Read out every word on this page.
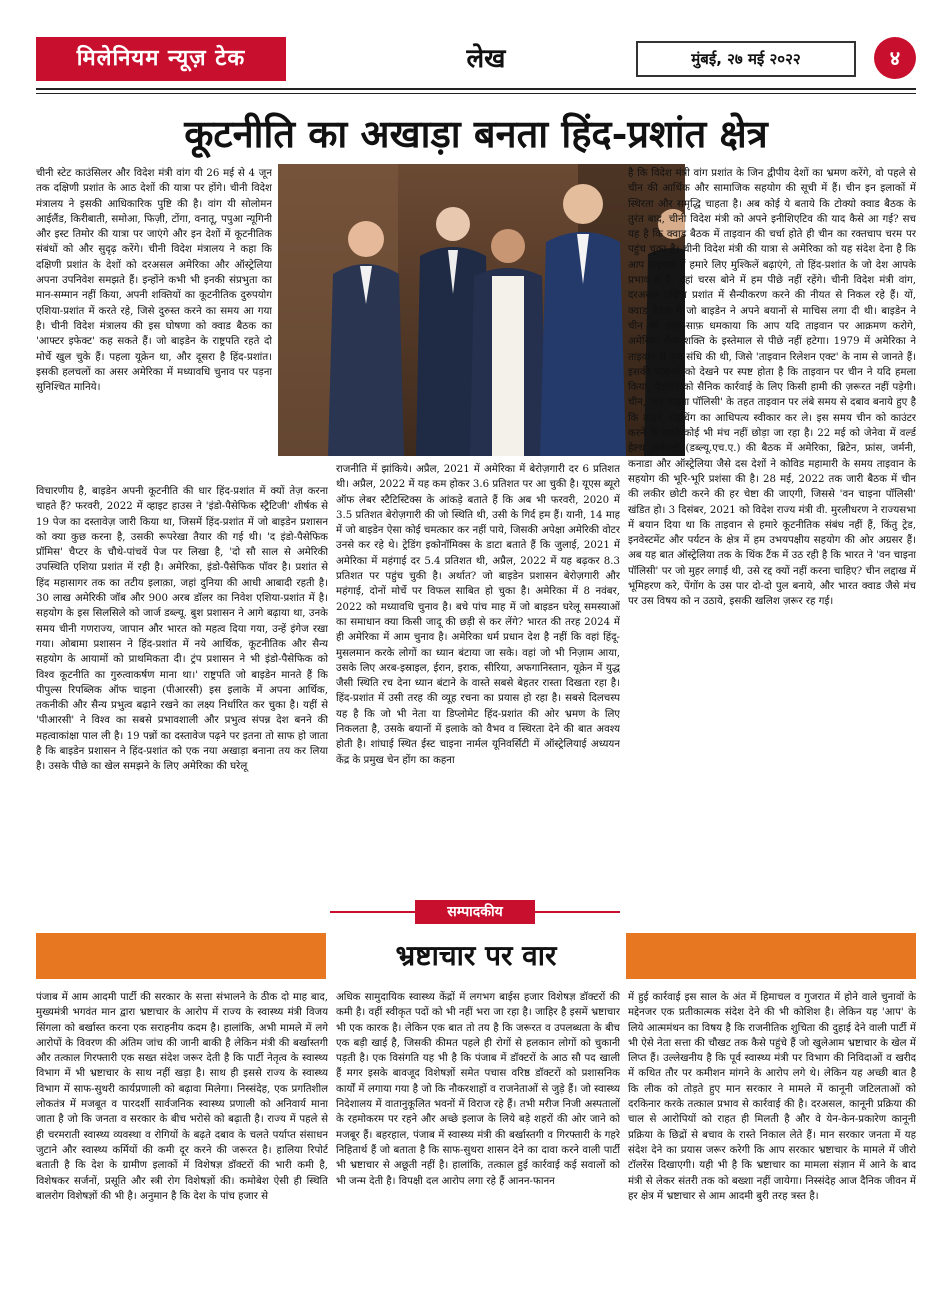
मिलेनियम न्यूज़ टेक	लेख	मुंबई, २७ मई २०२२	४
कूटनीति का अखाड़ा बनता हिंद-प्रशांत क्षेत्र
चीनी स्टेट काउंसिलर और विदेश मंत्री वांग यी 26 मई से 4 जून तक दक्षिणी प्रशांत के आठ देशों की यात्रा पर होंगे। चीनी विदेश मंत्रालय ने इसकी आधिकारिक पुष्टि की है। वांग यी सोलोमन आईलैंड, किरीबाती, समोआ, फिज़ी, टोंगा, वनातू, पपुआ न्यूगिनी और इस्ट तिमोर की यात्रा पर जाएंगे और इन देशों में कूटनीतिक संबंधों को और सुदृढ़ करेंगे। चीनी विदेश मंत्रालय ने कहा कि दक्षिणी प्रशांत के देशों को दरअसल अमेरिका और ऑस्ट्रेलिया अपना उपनिवेश समझते हैं। इन्होंने कभी भी इनकी संप्रभुता का मान-सम्मान नहीं किया, अपनी शक्तियों का कूटनीतिक दुरुपयोग एशिया-प्रशांत में करते रहे, जिसे दुरुस्त करने का समय आ गया है। चीनी विदेश मंत्रालय की इस घोषणा को क्वाड बैठक का 'आफ्टर इफेक्ट' कह सकते हैं। जो बाइडेन के राष्ट्रपति रहते दो मोर्चे खुल चुके हैं। पहला यूक्रेन था, और दूसरा है हिंद-प्रशांत। इसकी हलचलों का असर अमेरिका में मध्यावधि चुनाव पर पड़ना सुनिश्चित मानिये।
विचारणीय है, बाइडेन अपनी कूटनीति की धार हिंद-प्रशांत में क्यों तेज़ करना चाहते हैं? फरवरी, 2022 में व्हाइट हाउस ने 'इंडो-पैसेफिक स्ट्रैटिजी' शीर्षक से 19 पेज का दस्तावेज़ जारी किया था, जिसमें हिंद-प्रशांत में जो बाइडेन प्रशासन को क्या कुछ करना है, उसकी रूपरेखा तैयार की गई थी। 'द इंडो-पैसेफिक प्रॉमिस' चैप्टर के चौथे-पांचवें पेज पर लिखा है, 'दो सौ साल से अमेरिकी उपस्थिति एशिया प्रशांत में रही है। अमेरिका, इंडो-पैसेफिक पॉवर है। प्रशांत से हिंद महासागर तक का तटीय इलाक़ा, जहां दुनिया की आधी आबादी रहती है। 30 लाख अमेरिकी जॉब और 900 अरब डॉलर का निवेश एशिया-प्रशांत में है। सहयोग के इस सिलसिले को जार्ज डब्ल्यू. बुश प्रशासन ने आगे बढ़ाया था, उनके समय चीनी गणराज्य, जापान और भारत को महत्व दिया गया, उन्हें इंगेज रखा गया। ओबामा प्रशासन ने हिंद-प्रशांत में नये आर्थिक, कूटनीतिक और सैन्य सहयोग के आयामों को प्राथमिकता दी। ट्रंप प्रशासन ने भी इंडो-पैसेफिक को विश्व कूटनीति का गुरुत्वाकर्षण माना था।' राष्ट्रपति जो बाइडेन मानते हैं कि पीपुल्स रिपब्लिक ऑफ चाइना (पीआरसी) इस इलाके में अपना आर्थिक, तकनीकी और सैन्य प्रभुत्व बढ़ाने रखने का लक्ष्य निर्धारित कर चुका है। यहीं से 'पीआरसी' ने विश्व का सबसे प्रभावशाली और प्रभुत्व संपन्न देश बनने की महत्वाकांक्षा पाल ली है। 19 पन्नों का दस्तावेज पढ़ने पर इतना तो साफ हो जाता है कि बाइडेन प्रशासन ने हिंद-प्रशांत को एक नया अखाड़ा बनाना तय कर लिया है। उसके पीछे का खेल समझने के लिए अमेरिका की घरेलू
राजनीति में झांकिये। अप्रैल, 2021 में अमेरिका में बेरोज़गारी दर 6 प्रतिशत थी। अप्रैल, 2022 में यह कम होकर 3.6 प्रतिशत पर आ चुकी है। यूएस ब्यूरो ऑफ लेबर स्टैटिस्टिक्स के आंकड़े बताते हैं कि अब भी फरवरी, 2020 में 3.5 प्रतिशत बेरोज़गारी की जो स्थिति थी, उसी के गिर्द हम हैं। यानी, 14 माह में जो बाइडेन ऐसा कोई चमत्कार कर नहीं पाये, जिसकी अपेक्षा अमेरिकी वोटर उनसे कर रहे थे। ट्रेडिंग इकोनॉमिक्स के डाटा बताते हैं कि जुलाई, 2021 में अमेरिका में महंगाई दर 5.4 प्रतिशत थी, अप्रैल, 2022 में यह बढ़कर 8.3 प्रतिशत पर पहुंच चुकी है। अर्थात? जो बाइडेन प्रशासन बेरोज़गारी और महंगाई, दोनों मोर्चे पर विफल साबित हो चुका है। अमेरिका में 8 नवंबर, 2022 को मध्यावधि चुनाव है। बचे पांच माह में जो बाइडन घरेलू समस्याओं का समाधान क्या किसी जादू की छड़ी से कर लेंगे? भारत की तरह 2024 में ही अमेरिका में आम चुनाव है। अमेरिका धर्म प्रधान देश है नहीं कि वहां हिंदू-मुसलमान करके लोगों का ध्यान बंटाया जा सके। वहां जो भी निज़ाम आया, उसके लिए अरब-इस्राइल, ईरान, इराक, सीरिया, अफगानिस्तान, यूक्रेन में युद्ध जैसी स्थिति रच देना ध्यान बंटाने के वास्ते सबसे बेहतर रास्ता दिखता रहा है। हिंद-प्रशांत में उसी तरह की व्यूह रचना का प्रयास हो रहा है। सबसे दिलचस्प यह है कि जो भी नेता या डिप्लोमेट हिंद-प्रशांत की ओर भ्रमण के लिए निकलता है, उसके बयानों में इलाके को वैभव व स्थिरता देने की बात अवश्य होती है। शांघाई स्थित ईस्ट चाइना नार्मल यूनिवर्सिटी में ऑस्ट्रेलियाई अध्ययन केंद्र के प्रमुख चेन होंग का कहना
है कि विदेश मंत्री वांग प्रशांत के जिन द्वीपीय देशों का भ्रमण करेंगे, वो पहले से चीन की आर्थिक और सामाजिक सहयोग की सूची में हैं। चीन इन इलाकों में स्थिरता और समृद्धि चाहता है। अब कोई ये बताये कि टोक्यो क्वाड बैठक के तुरंत बाद, चीनी विदेश मंत्री को अपने इनीशिएटिव की याद कैसे आ गई? सच यह है कि क्वाड बैठक में ताइवान की चर्चा होते ही चीन का रक्तचाप चरम पर पहुंच चुका है। चीनी विदेश मंत्री की यात्रा से अमेरिका को यह संदेश देना है कि आप ताइवान में हमारे लिए मुश्किलें बढ़ाएंगे, तो हिंद-प्रशांत के जो देश आपके प्रभाव में हैं, वहां चरस बोने में हम पीछे नहीं रहेंगे। चीनी विदेश मंत्री वांग, दरअसल दक्षिण प्रशांत में सैन्यीकरण करने की नीयत से निकल रहे हैं। यों, क्वाड बैठक में जो बाइडेन ने अपने बयानों से माचिस लगा दी थी। बाइडेन ने चीन को साफ़-साफ़ धमकाया कि आप यदि ताइवान पर आक्रमण करोगे, अमेरिका सैन्य शक्ति के इस्तेमाल से पीछे नहीं हटेगा। 1979 में अमेरिका ने ताइवान से एक संधि की थी, जिसे 'ताइवान रिलेशन एक्ट' के नाम से जानते हैं। इसकी धाराओं को देखने पर स्पष्ट होता है कि ताइवान पर चीन ने यदि हमला किया, पेंटागन को सैनिक कार्रवाई के लिए किसी हामी की ज़रूरत नहीं पड़ेगी। चीन, 'वन चाइना पॉलिसी' के तहत ताइवान पर लंबे समय से दबाव बनाये हुए है कि ताइपे, पेइचिंग का आधिपत्य स्वीकार कर ले। इस समय चीन को काउंटर करने के वास्ते कोई भी मंच नहीं छोड़ा जा रहा है। 22 मई को जेनेवा में वर्ल्ड हेल्थ असेंबली (डब्ल्यू.एच.ए.) की बैठक में अमेरिका, ब्रिटेन, फ्रांस, जर्मनी, कनाडा और ऑस्ट्रेलिया जैसे दस देशों ने कोविड महामारी के समय ताइवान के सहयोग की भूरि-भूरि प्रशंसा की है। 28 मई, 2022 तक जारी बैठक में चीन की लकीर छोटी करने की हर चेष्टा की जाएगी, जिससे 'वन चाइना पॉलिसी' खंडित हो। 3 दिसंबर, 2021 को विदेश राज्य मंत्री वी. मुरलीधरण ने राज्यसभा में बयान दिया था कि ताइवान से हमारे कूटनीतिक संबंध नहीं हैं, किंतु ट्रेड, इनवेस्टमेंट और पर्यटन के क्षेत्र में हम उभयपक्षीय सहयोग की ओर अग्रसर हैं। अब यह बात ऑस्ट्रेलिया तक के थिंक टैंक में उठ रही है कि भारत ने 'वन चाइना पॉलिसी' पर जो मुहर लगाई थी, उसे रद्द क्यों नहीं करना चाहिए? चीन लद्दाख में भूमिहरण करे, पेंगोंग के उस पार दो-दो पुल बनाये, और भारत क्वाड जैसे मंच पर उस विषय को न उठाये, इसकी खलिश ज़रूर रह गई।
सम्पादकीय
भ्रष्टाचार पर वार
पंजाब में आम आदमी पार्टी की सरकार के सत्ता संभालने के ठीक दो माह बाद, मुख्यमंत्री भगवंत मान द्वारा भ्रष्टाचार के आरोप में राज्य के स्वास्थ्य मंत्री विजय सिंगला को बर्खास्त करना एक सराहनीय कदम है। हालांकि, अभी मामले में लगे आरोपों के विवरण की अंतिम जांच की जानी बाकी है लेकिन मंत्री की बर्खास्तगी और तत्काल गिरफ्तारी एक सख्त संदेश जरूर देती है कि पार्टी नेतृत्व के स्वास्थ्य विभाग में भी भ्रष्टाचार के साथ नहीं खड़ा है। साथ ही इससे राज्य के स्वास्थ्य विभाग में साफ-सुथरी कार्यप्रणाली को बढ़ावा मिलेगा। निस्संदेह, एक प्रगतिशील लोकतंत्र में मजबूत व पारदर्शी सार्वजनिक स्वास्थ्य प्रणाली को अनिवार्य माना जाता है जो कि जनता व सरकार के बीच भरोसे को बढ़ाती है। राज्य में पहले से ही चरमराती स्वास्थ्य व्यवस्था व रोगियों के बढ़ते दबाव के चलते पर्याप्त संसाधन जुटाने और स्वास्थ्य कर्मियों की कमी दूर करने की जरूरत है। हालिया रिपोर्ट बताती है कि देश के ग्रामीण इलाकों में विशेषज्ञ डॉक्टरों की भारी कमी है, विशेषकर सर्जनों, प्रसूति और स्त्री रोग विशेषज्ञों की। कमोबेश ऐसी ही स्थिति बालरोग विशेषज्ञों की भी है। अनुमान है कि देश के पांच हजार से
अधिक सामुदायिक स्वास्थ्य केंद्रों में लगभग बाईस हजार विशेषज्ञ डॉक्टरों की कमी है। वहीं स्वीकृत पदों को भी नहीं भरा जा रहा है। जाहिर है इसमें भ्रष्टाचार भी एक कारक है। लेकिन एक बात तो तय है कि जरूरत व उपलब्धता के बीच एक बड़ी खाई है, जिसकी कीमत पहले ही रोगों से हलकान लोगों को चुकानी पड़ती है। एक विसंगति यह भी है कि पंजाब में डॉक्टरों के आठ सौ पद खाली हैं मगर इसके बावजूद विशेषज्ञों समेत पचास वरिष्ठ डॉक्टरों को प्रशासनिक कार्यों में लगाया गया है जो कि नौकरशाहों व राजनेताओं से जुड़े हैं। जो स्वास्थ्य निदेशालय में वातानुकूलित भवनों में विराज रहे हैं। तभी मरीज निजी अस्पतालों के रहमोकरम पर रहने और अच्छे इलाज के लिये बड़े शहरों की ओर जाने को मजबूर हैं। बहरहाल, पंजाब में स्वास्थ्य मंत्री की बर्खास्तगी व गिरफ्तारी के गहरे निहितार्थ हैं जो बताता है कि साफ-सुथरा शासन देने का दावा करने वाली पार्टी भी भ्रष्टाचार से अछूती नहीं है। हालांकि, तत्काल हुई कार्रवाई कई सवालों को भी जन्म देती है। विपक्षी दल आरोप लगा रहे हैं आनन-फानन
में हुई कार्रवाई इस साल के अंत में हिमाचल व गुजरात में होने वाले चुनावों के मद्देनजर एक प्रतीकात्मक संदेश देने की भी कोशिश है। लेकिन यह 'आप' के लिये आत्ममंथन का विषय है कि राजनीतिक शुचिता की दुहाई देने वाली पार्टी में भी ऐसे नेता सत्ता की चौखट तक कैसे पहुंचे हैं जो खुलेआम भ्रष्टाचार के खेल में लिप्त हैं। उल्लेखनीय है कि पूर्व स्वास्थ्य मंत्री पर विभाग की निविदाओं व खरीद में कथित तौर पर कमीशन मांगने के आरोप लगे थे। लेकिन यह अच्छी बात है कि लीक को तोड़ते हुए मान सरकार ने मामले में कानूनी जटिलताओं को दरकिनार करके तत्काल प्रभाव से कार्रवाई की है। दरअसल, कानूनी प्रक्रिया की चाल से आरोपियों को राहत ही मिलती है और वे येन-केन-प्रकारेण कानूनी प्रक्रिया के छिद्रों से बचाव के रास्ते निकाल लेते हैं। मान सरकार जनता में यह संदेश देने का प्रयास जरूर करेगी कि आप सरकार भ्रष्टाचार के मामले में जीरो टॉलरेंस दिखाएगी। यही भी है कि भ्रष्टाचार का मामला संज्ञान में आने के बाद मंत्री से लेकर संतरी तक को बख्शा नहीं जायेगा। निस्संदेह आज दैनिक जीवन में हर क्षेत्र में भ्रष्टाचार से आम आदमी बुरी तरह त्रस्त है।
